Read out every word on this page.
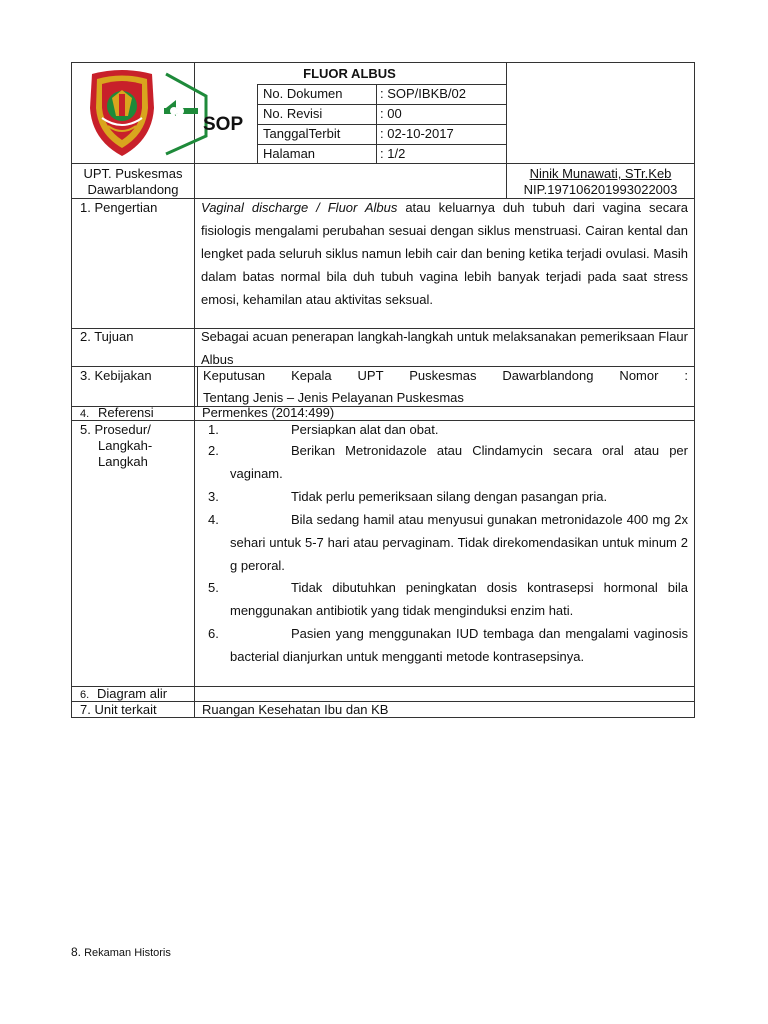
FLUOR ALBUS
SOP
No. Dokumen	: SOP/IBKB/02
No. Revisi	: 00
TanggalTerbit	: 02-10-2017
Halaman	: 1/2
UPT. Puskesmas
Dawarblandong
Ninik Munawati, STr.Keb
NIP.197106201993022003
1. Pengertian	Vaginal discharge / Fluor Albus atau keluarnya duh tubuh dari vagina secara fisiologis mengalami perubahan sesuai dengan siklus menstruasi. Cairan kental dan lengket pada seluruh siklus namun lebih cair dan bening ketika terjadi ovulasi. Masih dalam batas normal bila duh tubuh vagina lebih banyak terjadi pada saat stress emosi, kehamilan atau aktivitas seksual.
2. Tujuan	Sebagai acuan penerapan langkah-langkah untuk melaksanakan pemeriksaan Flaur Albus
3. Kebijakan	Keputusan Kepala UPT Puskesmas Dawarblandong Nomor :
Tentang Jenis – Jenis Pelayanan Puskesmas
4. Referensi	Permenkes (2014:499)
5. Prosedur/
Langkah-
Langkah
1.	Persiapkan alat dan obat.
2.	Berikan Metronidazole atau Clindamycin secara oral atau per vaginam.
3.	Tidak perlu pemeriksaan silang dengan pasangan pria.
4.	Bila sedang hamil atau menyusui gunakan metronidazole 400 mg 2x sehari untuk 5-7 hari atau pervaginam. Tidak direkomendasikan untuk minum 2 g peroral.
5.	Tidak dibutuhkan peningkatan dosis kontrasepsi hormonal bila menggunakan antibiotik yang tidak menginduksi enzim hati.
6.	Pasien yang menggunakan IUD tembaga dan mengalami vaginosis bacterial dianjurkan untuk mengganti metode kontrasepsinya.
6. Diagram alir
7. Unit terkait	Ruangan Kesehatan Ibu dan KB
8. Rekaman Historis
